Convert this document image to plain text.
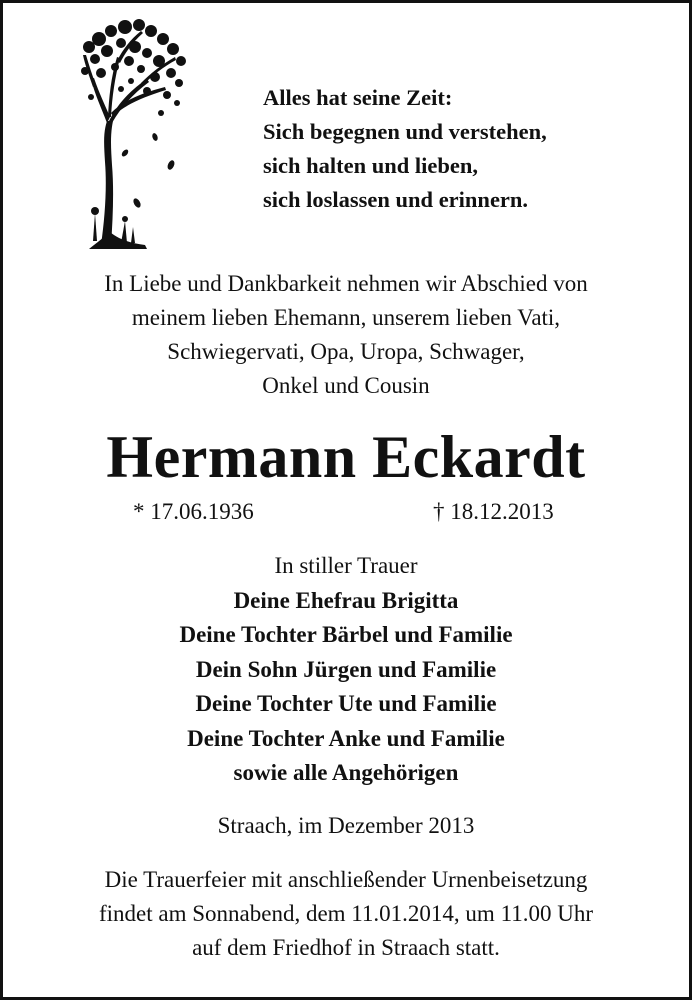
Alles hat seine Zeit:
Sich begegnen und verstehen,
sich halten und lieben,
sich loslassen und erinnern.
In Liebe und Dankbarkeit nehmen wir Abschied von
meinem lieben Ehemann, unserem lieben Vati,
Schwiegervati, Opa, Uropa, Schwager,
Onkel und Cousin
Hermann Eckardt
* 17.06.1936	† 18.12.2013
In stiller Trauer
Deine Ehefrau Brigitta
Deine Tochter Bärbel und Familie
Dein Sohn Jürgen und Familie
Deine Tochter Ute und Familie
Deine Tochter Anke und Familie
sowie alle Angehörigen
Straach, im Dezember 2013
Die Trauerfeier mit anschließender Urnenbeisetzung
findet am Sonnabend, dem 11.01.2014, um 11.00 Uhr
auf dem Friedhof in Straach statt.
